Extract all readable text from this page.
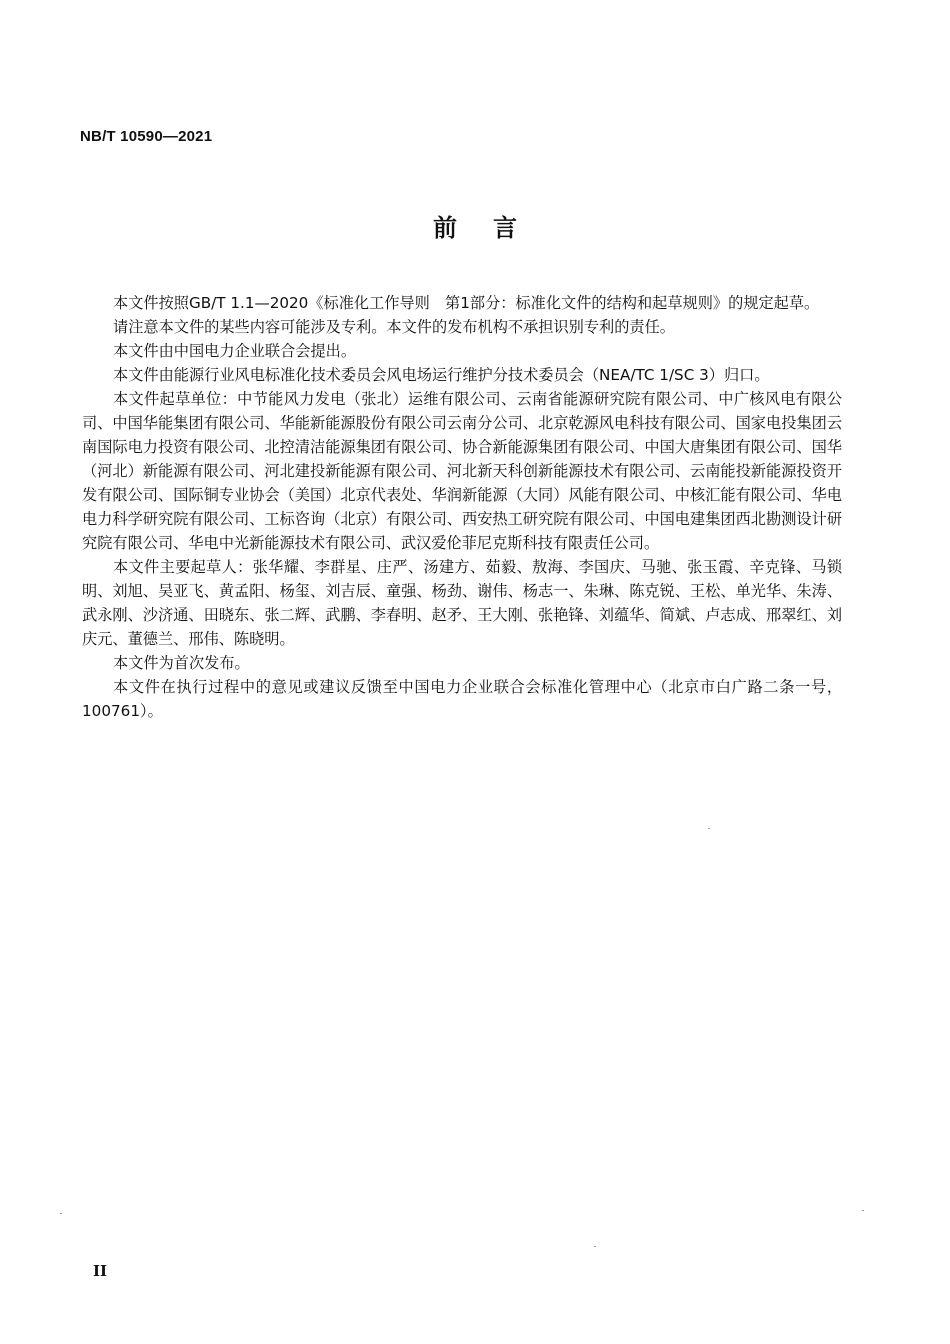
NB/T 10590—2021
前言

本文件按照GB/T 1.1—2020《标准化工作导则　第1部分：标准化文件的结构和起草规则》的规定起草。

请注意本文件的某些内容可能涉及专利。本文件的发布机构不承担识别专利的责任。

本文件由中国电力企业联合会提出。

本文件由能源行业风电标准化技术委员会风电场运行维护分技术委员会（NEA/TC 1/SC 3）归口。

本文件起草单位：中节能风力发电（张北）运维有限公司、云南省能源研究院有限公司、中广核风电有限公司、中国华能集团有限公司、华能新能源股份有限公司云南分公司、北京乾源风电科技有限公司、国家电投集团云南国际电力投资有限公司、北控清洁能源集团有限公司、协合新能源集团有限公司、中国大唐集团有限公司、国华（河北）新能源有限公司、河北建投新能源有限公司、河北新天科创新能源技术有限公司、云南能投新能源投资开发有限公司、国际铜专业协会（美国）北京代表处、华润新能源（大同）风能有限公司、中核汇能有限公司、华电电力科学研究院有限公司、工标咨询（北京）有限公司、西安热工研究院有限公司、中国电建集团西北勘测设计研究院有限公司、华电中光新能源技术有限公司、武汉爱伦菲尼克斯科技有限责任公司。

本文件主要起草人：张华耀、李群星、庄严、汤建方、茹毅、敖海、李国庆、马驰、张玉霞、辛克锋、马锁明、刘旭、吴亚飞、黄孟阳、杨玺、刘吉辰、童强、杨劲、谢伟、杨志一、朱琳、陈克锐、王松、单光华、朱涛、武永刚、沙济通、田晓东、张二辉、武鹏、李春明、赵矛、王大刚、张艳锋、刘蕴华、简斌、卢志成、邢翠红、刘庆元、董德兰、邢伟、陈晓明。

本文件为首次发布。

本文件在执行过程中的意见或建议反馈至中国电力企业联合会标准化管理中心（北京市白广路二条一号，100761）。

II
